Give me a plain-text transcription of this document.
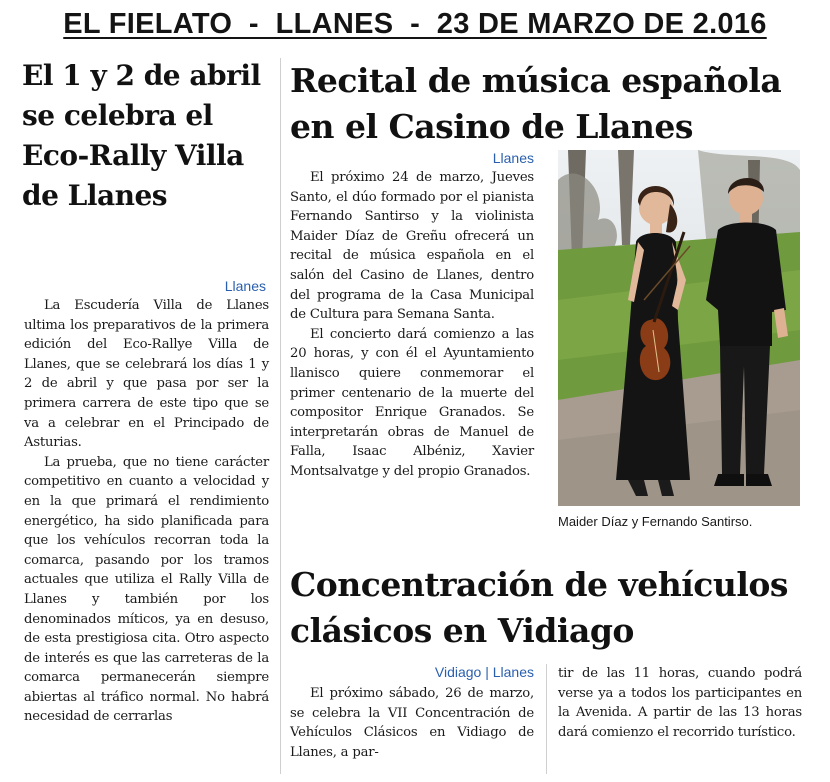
EL FIELATO  -  LLANES  -  23 DE MARZO DE 2.016
El 1 y 2 de abril se celebra el Eco-Rally Villa de Llanes
Llanes

La Escudería Villa de Llanes ultima los preparativos de la primera edición del Eco-Rallye Villa de Llanes, que se celebrará los días 1 y 2 de abril y que pasa por ser la primera carrera de este tipo que se va a celebrar en el Principado de Asturias.

La prueba, que no tiene carácter competitivo en cuanto a velocidad y en la que primará el rendimiento energético, ha sido planificada para que los vehículos recorran toda la comarca, pasando por los tramos actuales que utiliza el Rally Villa de Llanes y también por los denominados míticos, ya en desuso, de esta prestigiosa cita. Otro aspecto de interés es que las carreteras de la comarca permanecerán siempre abiertas al tráfico normal. No habrá necesidad de cerrarlas

Recital de música española en el Casino de Llanes
Llanes

El próximo 24 de marzo, Jueves Santo, el dúo formado por el pianista Fernando Santirso y la violinista Maider Díaz de Greñu ofrecerá un recital de música española en el salón del Casino de Llanes, dentro del programa de la Casa Municipal de Cultura para Semana Santa.

El concierto dará comienzo a las 20 horas, y con él el Ayuntamiento llanisco quiere conmemorar el primer centenario de la muerte del compositor Enrique Granados. Se interpretarán obras de Manuel de Falla, Isaac Albéniz, Xavier Montsalvatge y del propio Granados.

Maider Díaz y Fernando Santirso.
Concentración de vehículos clásicos en Vidiago
Vidiago | Llanes

El próximo sábado, 26 de marzo, se celebra la VII Concentración de Vehículos Clásicos en Vidiago de Llanes, a par-

tir de las 11 horas, cuando podrá verse ya a todos los participantes en la Avenida. A partir de las 13 horas dará comienzo el recorrido turístico.
